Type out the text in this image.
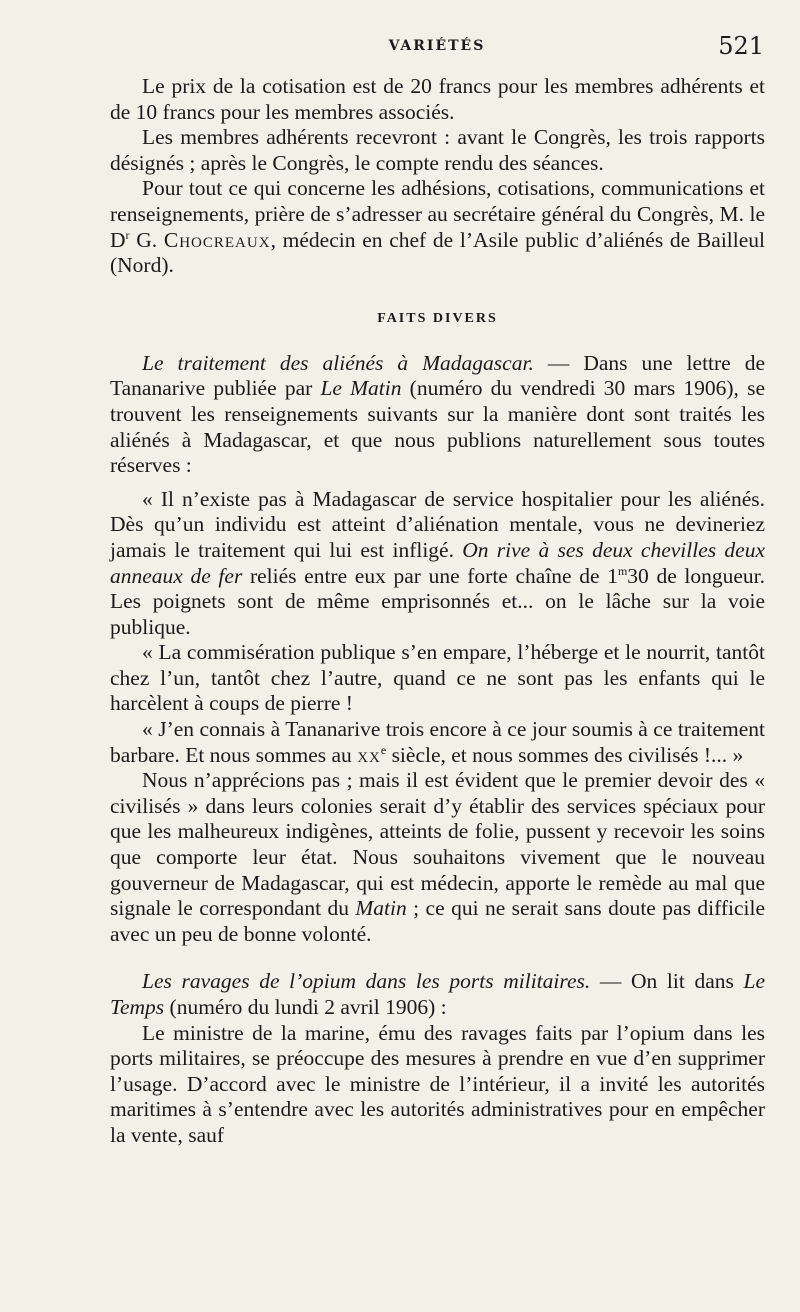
VARIÉTÉS	521

Le prix de la cotisation est de 20 francs pour les membres adhérents et de 10 francs pour les membres associés.

Les membres adhérents recevront : avant le Congrès, les trois rapports désignés ; après le Congrès, le compte rendu des séances.

Pour tout ce qui concerne les adhésions, cotisations, communications et renseignements, prière de s’adresser au secrétaire général du Congrès, M. le $D^r$ G. Chocreaux, médecin en chef de l’Asile public d’aliénés de Bailleul (Nord).

FAITS DIVERS

Le traitement des aliénés à Madagascar. — Dans une lettre de Tananarive publiée par Le Matin (numéro du vendredi 30 mars 1906), se trouvent les renseignements suivants sur la manière dont sont traités les aliénés à Madagascar, et que nous publions naturellement sous toutes réserves :

« Il n’existe pas à Madagascar de service hospitalier pour les aliénés. Dès qu’un individu est atteint d’aliénation mentale, vous ne devineriez jamais le traitement qui lui est infligé. On rive à ses deux chevilles deux anneaux de fer reliés entre eux par une forte chaîne de 1$^m$30 de longueur. Les poignets sont de même emprisonnés et... on le lâche sur la voie publique.

« La commisération publique s’en empare, l’héberge et le nourrit, tantôt chez l’un, tantôt chez l’autre, quand ce ne sont pas les enfants qui le harcèlent à coups de pierre !

« J’en connais à Tananarive trois encore à ce jour soumis à ce traitement barbare. Et nous sommes au $xx^e$ siècle, et nous sommes des civilisés !... »

Nous n’apprécions pas ; mais il est évident que le premier devoir des « civilisés » dans leurs colonies serait d’y établir des services spéciaux pour que les malheureux indigènes, atteints de folie, pussent y recevoir les soins que comporte leur état. Nous souhaitons vivement que le nouveau gouverneur de Madagascar, qui est médecin, apporte le remède au mal que signale le correspondant du Matin ; ce qui ne serait sans doute pas difficile avec un peu de bonne volonté.

Les ravages de l’opium dans les ports militaires. — On lit dans Le Temps (numéro du lundi 2 avril 1906) :

Le ministre de la marine, ému des ravages faits par l’opium dans les ports militaires, se préoccupe des mesures à prendre en vue d’en supprimer l’usage. D’accord avec le ministre de l’intérieur, il a invité les autorités maritimes à s’entendre avec les autorités administratives pour en empêcher la vente, sauf
